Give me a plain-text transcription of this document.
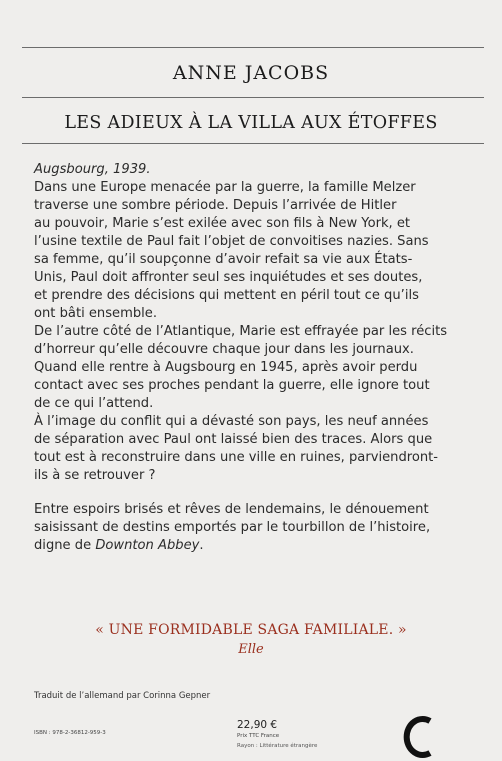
ANNE JACOBS
LES ADIEUX À LA VILLA AUX ÉTOFFES

Augsbourg, 1939.

Dans une Europe menacée par la guerre, la famille Melzer

traverse une sombre période. Depuis l’arrivée de Hitler

au pouvoir, Marie s’est exilée avec son fils à New York, et

l’usine textile de Paul fait l’objet de convoitises nazies. Sans

sa femme, qu’il soupçonne d’avoir refait sa vie aux États-

Unis, Paul doit affronter seul ses inquiétudes et ses doutes,

et prendre des décisions qui mettent en péril tout ce qu’ils

ont bâti ensemble.

De l’autre côté de l’Atlantique, Marie est effrayée par les récits

d’horreur qu’elle découvre chaque jour dans les journaux.

Quand elle rentre à Augsbourg en 1945, après avoir perdu

contact avec ses proches pendant la guerre, elle ignore tout

de ce qui l’attend.

À l’image du conflit qui a dévasté son pays, les neuf années

de séparation avec Paul ont laissé bien des traces. Alors que

tout est à reconstruire dans une ville en ruines, parviendront-

ils à se retrouver ?

Entre espoirs brisés et rêves de lendemains, le dénouement

saisissant de destins emportés par le tourbillon de l’histoire,

digne de Downton Abbey.

« UNE FORMIDABLE SAGA FAMILIALE. »
Elle
Traduit de l’allemand par Corinna Gepner
ISBN : 978-2-36812-959-3
22,90 €
Prix TTC France
Rayon : Littérature étrangère
